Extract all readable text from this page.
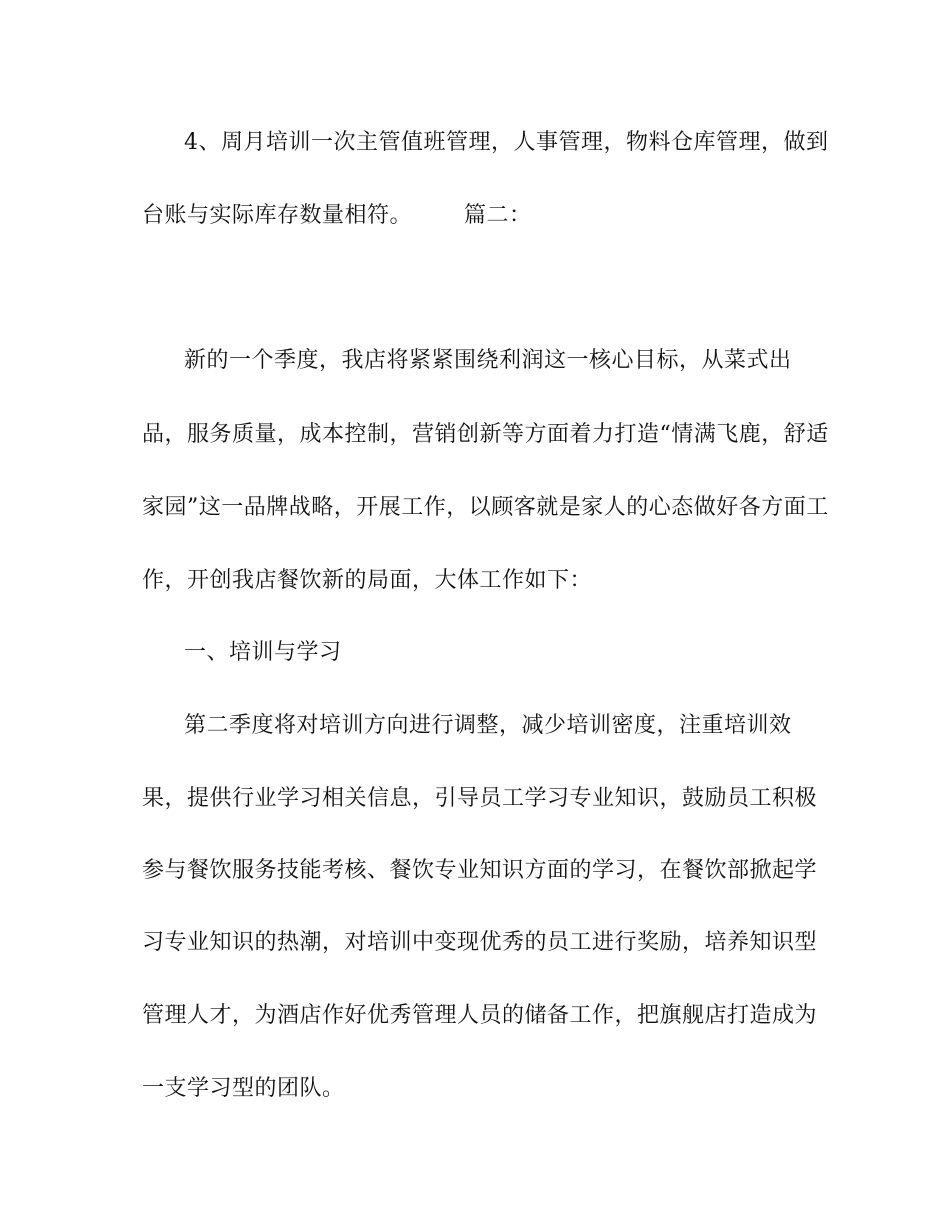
4、周月培训一次主管值班管理，人事管理，物料仓库管理，做到
台账与实际库存数量相符。 篇二：
新的一个季度，我店将紧紧围绕利润这一核心目标，从菜式出
品，服务质量，成本控制，营销创新等方面着力打造“情满飞鹿，舒适
家园”这一品牌战略，开展工作，以顾客就是家人的心态做好各方面工
作，开创我店餐饮新的局面，大体工作如下：
一、培训与学习
第二季度将对培训方向进行调整，减少培训密度，注重培训效
果，提供行业学习相关信息，引导员工学习专业知识，鼓励员工积极
参与餐饮服务技能考核、餐饮专业知识方面的学习，在餐饮部掀起学
习专业知识的热潮，对培训中变现优秀的员工进行奖励，培养知识型
管理人才，为酒店作好优秀管理人员的储备工作，把旗舰店打造成为
一支学习型的团队。
